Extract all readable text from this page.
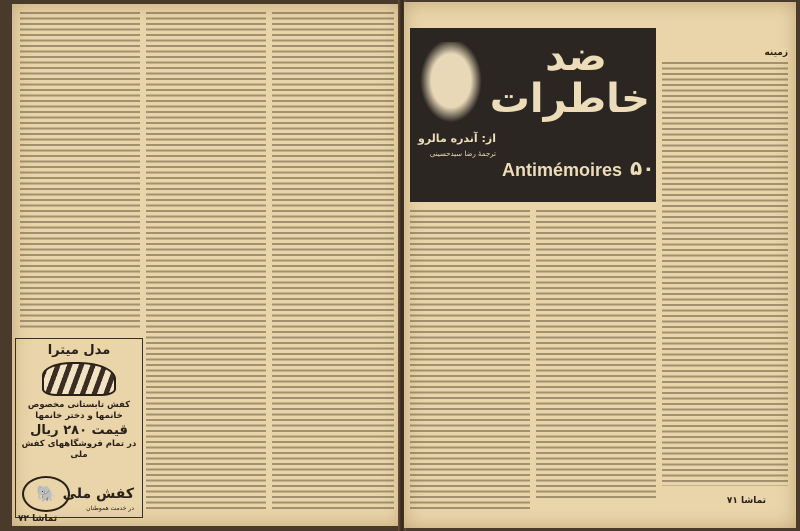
مدل میترا
کفش تابستانی مخصوص
خانمها و دختر خانمها
قیمت ۲۸۰ ریال
در تمام فروشگاههای کفش ملی
🐘 کفش ملی
در خدمت هموطنان
تماشا ۷۲
از: آندره مالرو
ترجمهٔ رضا سیدحسینی
ضد خاطرات
Antimémoires ۵۰
زمینه
تماشا ۷۱
